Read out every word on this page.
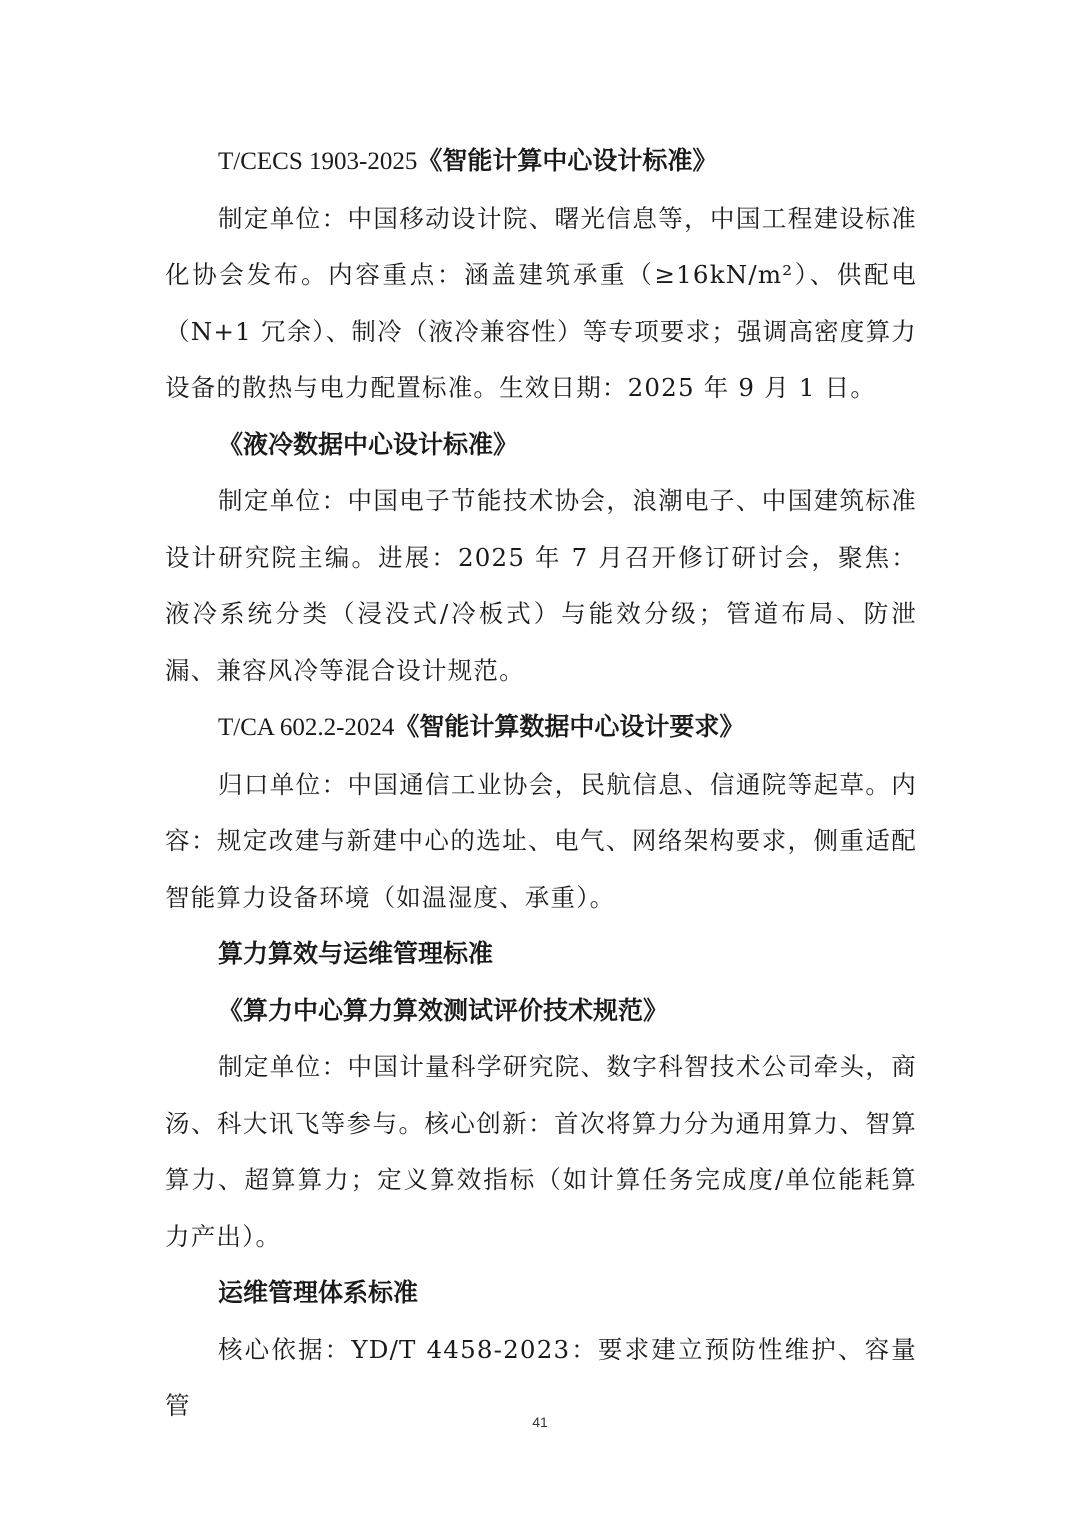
T/CECS 1903-2025《智能计算中心设计标准》

制定单位：中国移动设计院、曙光信息等，中国工程建设标准化协会发布。内容重点：涵盖建筑承重（≥16kN/m²）、供配电（N+1 冗余）、制冷（液冷兼容性）等专项要求；强调高密度算力设备的散热与电力配置标准。生效日期：2025 年 9 月 1 日。

《液冷数据中心设计标准》

制定单位：中国电子节能技术协会，浪潮电子、中国建筑标准设计研究院主编。进展：2025 年 7 月召开修订研讨会，聚焦：液冷系统分类（浸没式/冷板式）与能效分级；管道布局、防泄漏、兼容风冷等混合设计规范。

T/CA 602.2-2024《智能计算数据中心设计要求》

归口单位：中国通信工业协会，民航信息、信通院等起草。内容：规定改建与新建中心的选址、电气、网络架构要求，侧重适配智能算力设备环境（如温湿度、承重）。

算力算效与运维管理标准

《算力中心算力算效测试评价技术规范》

制定单位：中国计量科学研究院、数字科智技术公司牵头，商汤、科大讯飞等参与。核心创新：首次将算力分为通用算力、智算算力、超算算力；定义算效指标（如计算任务完成度/单位能耗算力产出）。

运维管理体系标准

核心依据：YD/T 4458-2023：要求建立预防性维护、容量管

41
